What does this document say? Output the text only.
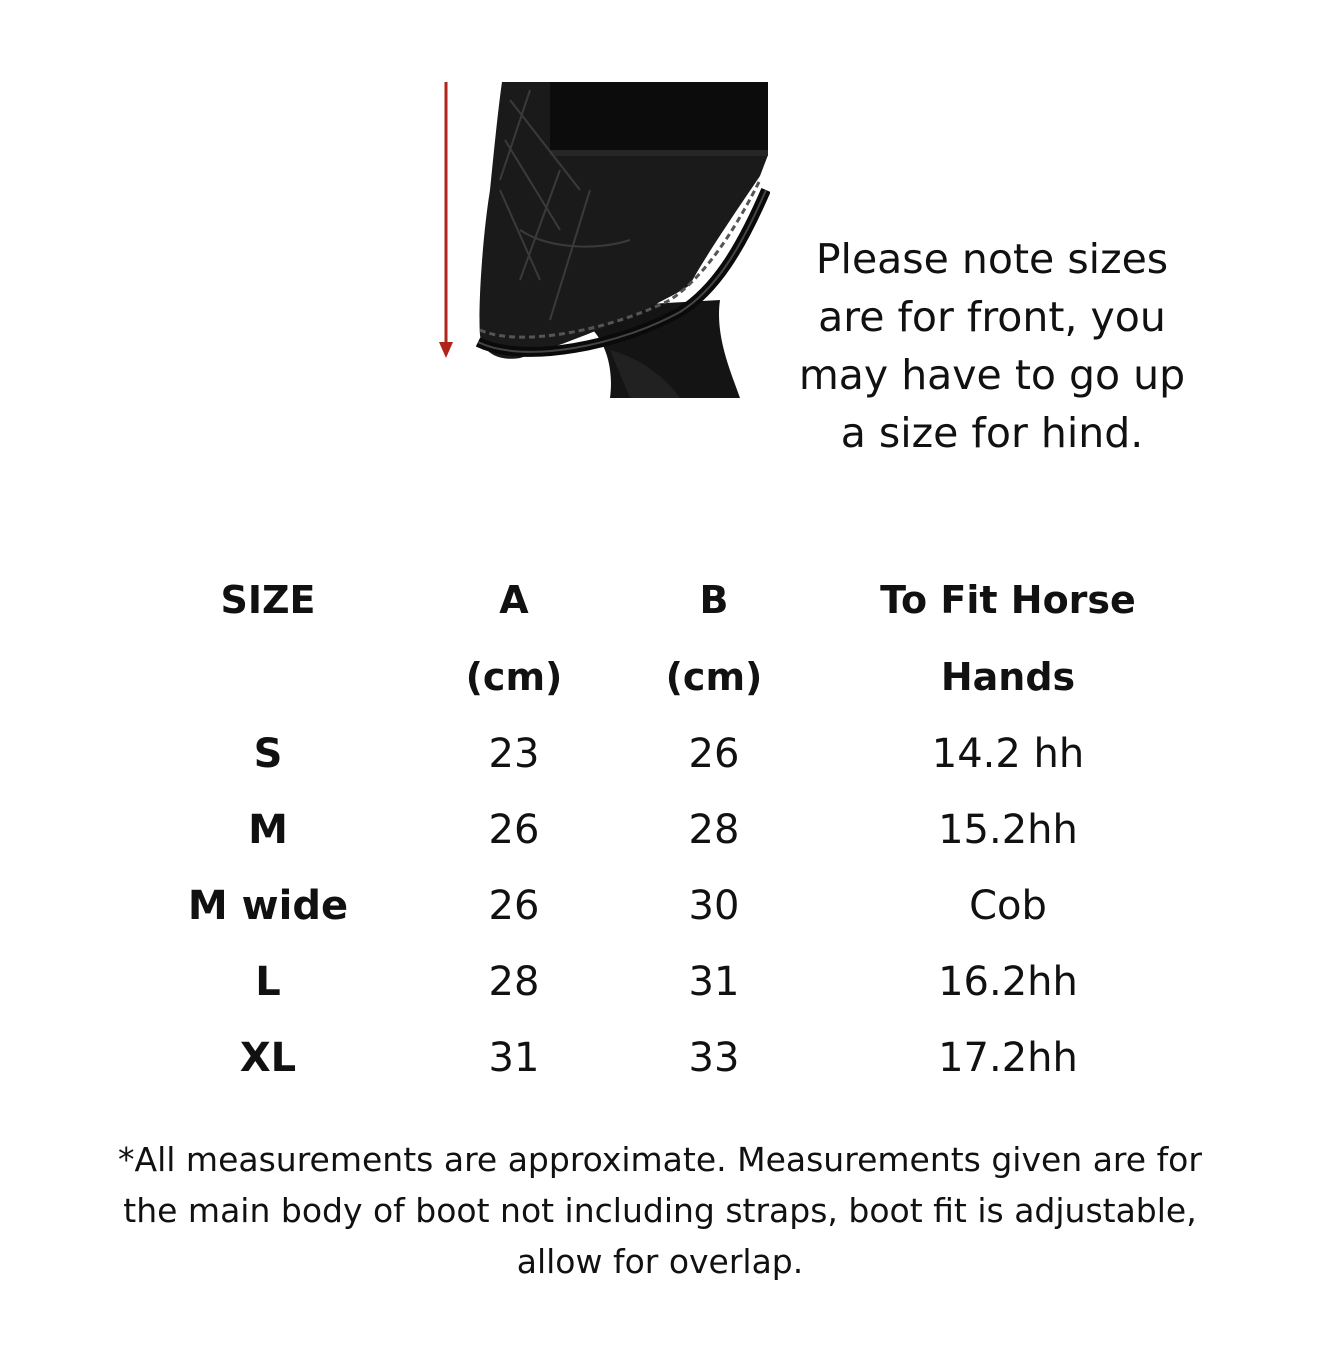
Please note sizes
are for front, you
may have to go up
a size for hind.
SIZE	A	B	To Fit Horse
	(cm)	(cm)	Hands
S	23	26	14.2 hh
M	26	28	15.2hh
M wide	26	30	Cob
L	28	31	16.2hh
XL	31	33	17.2hh
*All measurements are approximate. Measurements given are for
the main body of boot not including straps, boot fit is adjustable,
allow for overlap.
